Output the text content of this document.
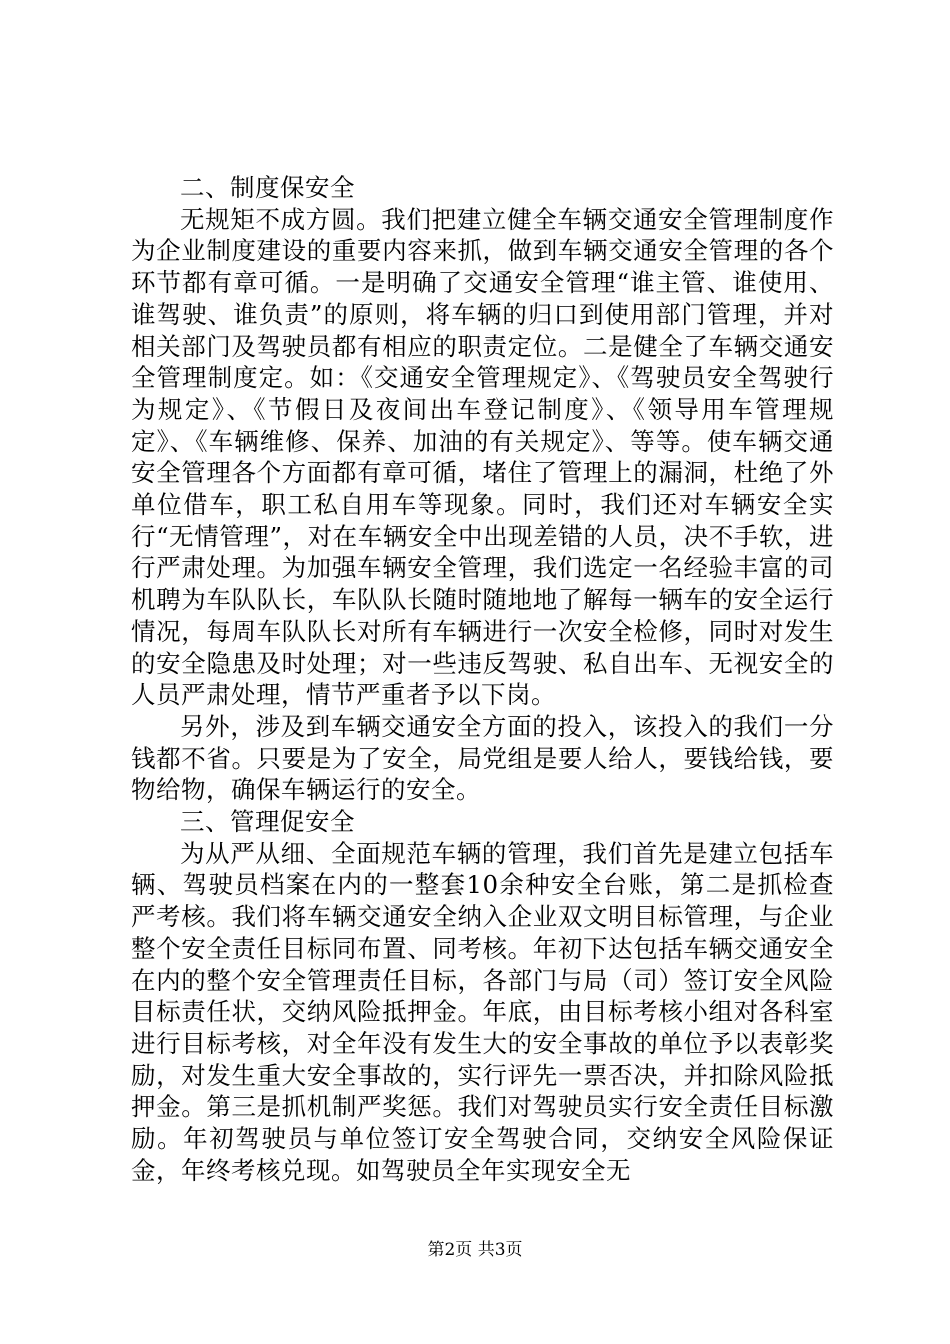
二、制度保安全

无规矩不成方圆。我们把建立健全车辆交通安全管理制度作为企业制度建设的重要内容来抓，做到车辆交通安全管理的各个环节都有章可循。一是明确了交通安全管理“谁主管、谁使用、谁驾驶、谁负责”的原则，将车辆的归口到使用部门管理，并对相关部门及驾驶员都有相应的职责定位。二是健全了车辆交通安全管理制度定。如：《交通安全管理规定》、《驾驶员安全驾驶行为规定》、《节假日及夜间出车登记制度》、《领导用车管理规定》、《车辆维修、保养、加油的有关规定》、等等。使车辆交通安全管理各个方面都有章可循，堵住了管理上的漏洞，杜绝了外单位借车，职工私自用车等现象。同时，我们还对车辆安全实行“无情管理”，对在车辆安全中出现差错的人员，决不手软，进行严肃处理。为加强车辆安全管理，我们选定一名经验丰富的司机聘为车队队长，车队队长随时随地地了解每一辆车的安全运行情况，每周车队队长对所有车辆进行一次安全检修，同时对发生的安全隐患及时处理；对一些违反驾驶、私自出车、无视安全的人员严肃处理，情节严重者予以下岗。

另外，涉及到车辆交通安全方面的投入，该投入的我们一分钱都不省。只要是为了安全，局党组是要人给人，要钱给钱，要物给物，确保车辆运行的安全。

三、管理促安全

为从严从细、全面规范车辆的管理，我们首先是建立包括车辆、驾驶员档案在内的一整套10余种安全台账，第二是抓检查严考核。我们将车辆交通安全纳入企业双文明目标管理，与企业整个安全责任目标同布置、同考核。年初下达包括车辆交通安全在内的整个安全管理责任目标，各部门与局（司）签订安全风险目标责任状，交纳风险抵押金。年底，由目标考核小组对各科室进行目标考核，对全年没有发生大的安全事故的单位予以表彰奖励，对发生重大安全事故的，实行评先一票否决，并扣除风险抵押金。第三是抓机制严奖惩。我们对驾驶员实行安全责任目标激励。年初驾驶员与单位签订安全驾驶合同，交纳安全风险保证金，年终考核兑现。如驾驶员全年实现安全无

第2页 共3页
